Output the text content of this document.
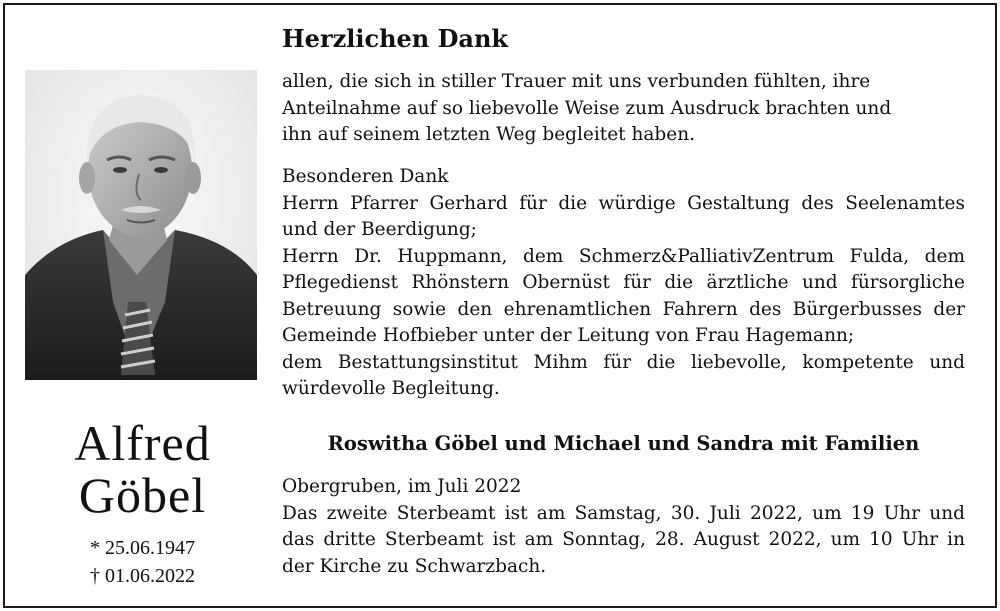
Alfred
Göbel
* 25.06.1947
† 01.06.2022
Herzlichen Dank
allen, die sich in stiller Trauer mit uns verbunden fühlten, ihre
Anteilnahme auf so liebevolle Weise zum Ausdruck brachten und
ihn auf seinem letzten Weg begleitet haben.
Besonderen Dank
Herrn Pfarrer Gerhard für die würdige Gestaltung des Seelenamtes
und der Beerdigung;
Herrn Dr. Huppmann, dem Schmerz&PalliativZentrum Fulda, dem
Pflegedienst Rhönstern Obernüst für die ärztliche und fürsorgliche
Betreuung sowie den ehrenamtlichen Fahrern des Bürgerbusses der
Gemeinde Hofbieber unter der Leitung von Frau Hagemann;
dem Bestattungsinstitut Mihm für die liebevolle, kompetente und
würdevolle Begleitung.
Roswitha Göbel und Michael und Sandra mit Familien
Obergruben, im Juli 2022
Das zweite Sterbeamt ist am Samstag, 30. Juli 2022, um 19 Uhr und
das dritte Sterbeamt ist am Sonntag, 28. August 2022, um 10 Uhr in
der Kirche zu Schwarzbach.
